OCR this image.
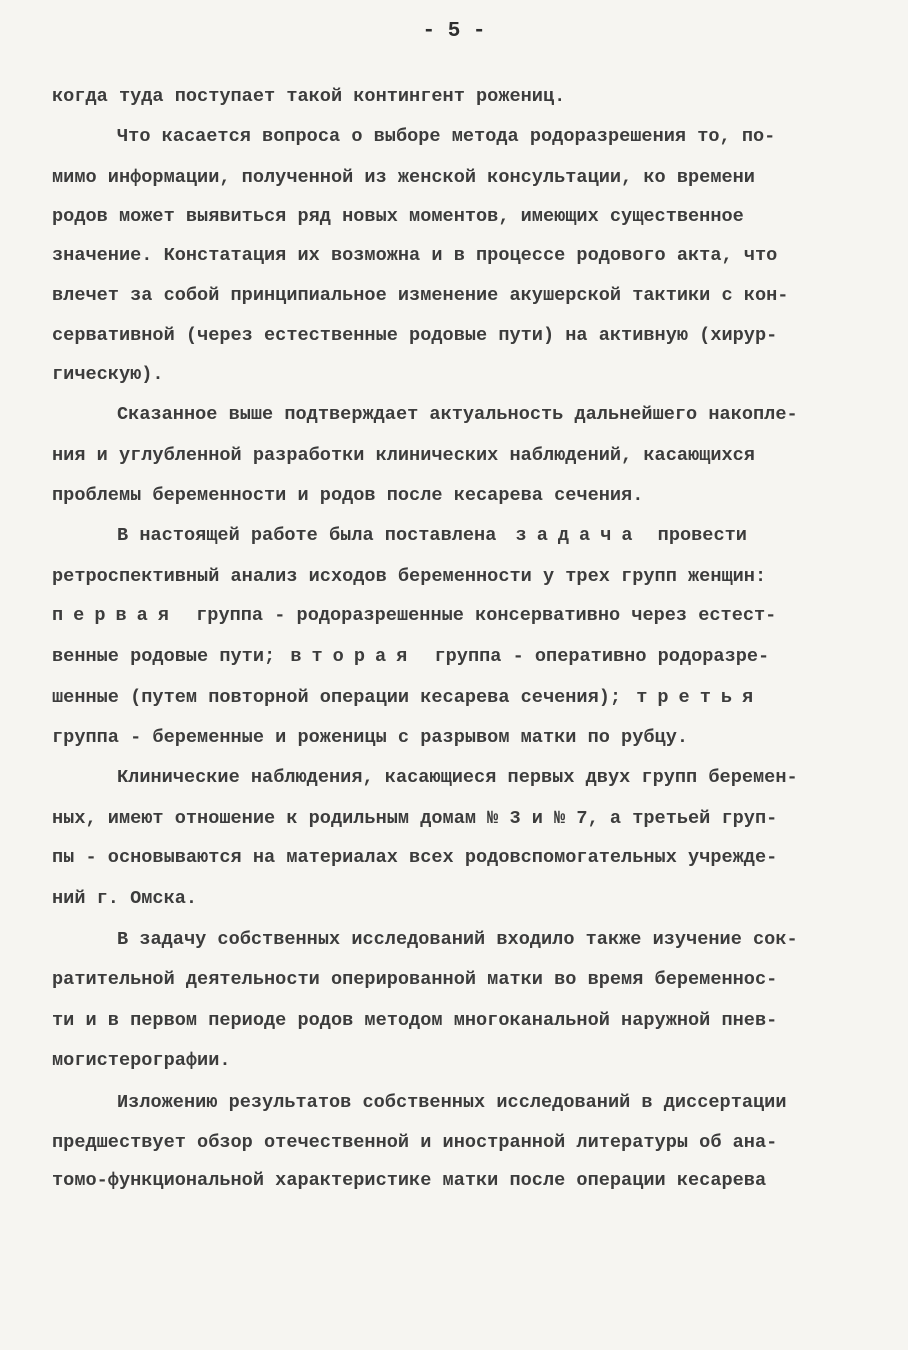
- 5 -
когда туда поступает такой контингент рожениц.
Что касается вопроса о выборе метода родоразрешения то, по-
мимо информации, полученной из женской консультации, ко времени
родов может выявиться ряд новых моментов, имеющих существенное
значение. Констатация их возможна и в процессе родового акта, что
влечет за собой принципиальное изменение акушерской тактики с кон-
сервативной (через естественные родовые пути) на активную (хирур-
гическую).
Сказанное выше подтверждает актуальность дальнейшего накопле-
ния и углубленной разработки клинических наблюдений, касающихся
проблемы беременности и родов после кесарева сечения.
В настоящей работе была поставлена задача провести
ретроспективный анализ исходов беременности у трех групп женщин:
первая группа - родоразрешенные консервативно через естест-
венные родовые пути; вторая группа - оперативно родоразре-
шенные (путем повторной операции кесарева сечения); третья
группа - беременные и роженицы с разрывом матки по рубцу.
Клинические наблюдения, касающиеся первых двух групп беремен-
ных, имеют отношение к родильным домам № 3 и № 7, а третьей груп-
пы - основываются на материалах всех родовспомогательных учрежде-
ний г. Омска.
В задачу собственных исследований входило также изучение сок-
ратительной деятельности оперированной матки во время беременнос-
ти и в первом периоде родов методом многоканальной наружной пнев-
могистерографии.
Изложению результатов собственных исследований в диссертации
предшествует обзор отечественной и иностранной литературы об ана-
томо-функциональной характеристике матки после операции кесарева
